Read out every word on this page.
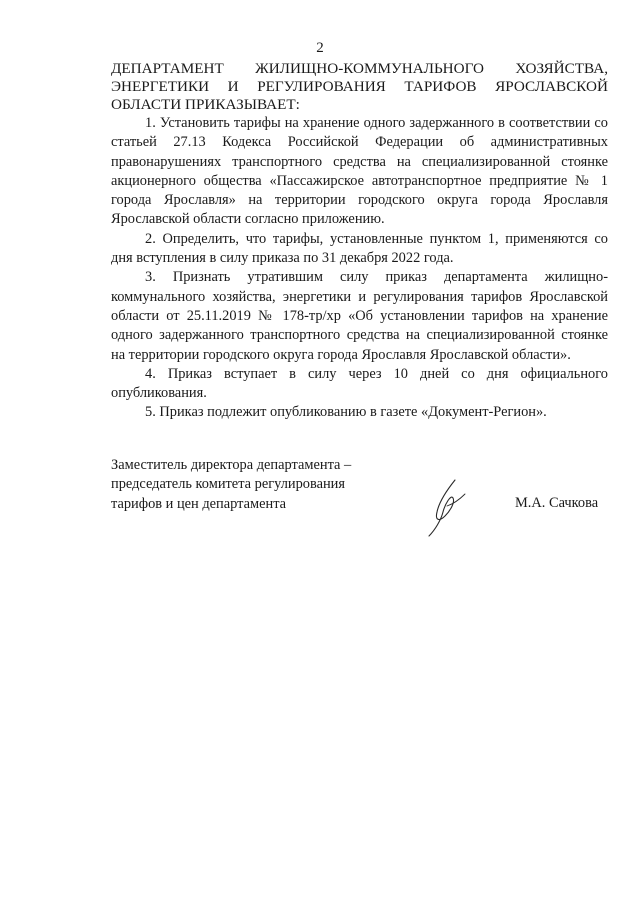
2
ДЕПАРТАМЕНТ ЖИЛИЩНО-КОММУНАЛЬНОГО ХОЗЯЙСТВА,
ЭНЕРГЕТИКИ И РЕГУЛИРОВАНИЯ ТАРИФОВ ЯРОСЛАВСКОЙ
ОБЛАСТИ ПРИКАЗЫВАЕТ:

1. Установить тарифы на хранение одного задержанного в соответствии со статьей 27.13 Кодекса Российской Федерации об административных правонарушениях транспортного средства на специализированной стоянке акционерного общества «Пассажирское автотранспортное предприятие № 1 города Ярославля» на территории городского округа города Ярославля Ярославской области согласно приложению.

2. Определить, что тарифы, установленные пунктом 1, применяются со дня вступления в силу приказа по 31 декабря 2022 года.

3. Признать утратившим силу приказ департамента жилищно-коммунального хозяйства, энергетики и регулирования тарифов Ярославской области от 25.11.2019 № 178-тр/хр «Об установлении тарифов на хранение одного задержанного транспортного средства на специализированной стоянке на территории городского округа города Ярославля Ярославской области».

4. Приказ вступает в силу через 10 дней со дня официального опубликования.

5. Приказ подлежит опубликованию в газете «Документ-Регион».

Заместитель директора департамента –
председатель комитета регулирования
тарифов и цен департамента	М.А. Сачкова
